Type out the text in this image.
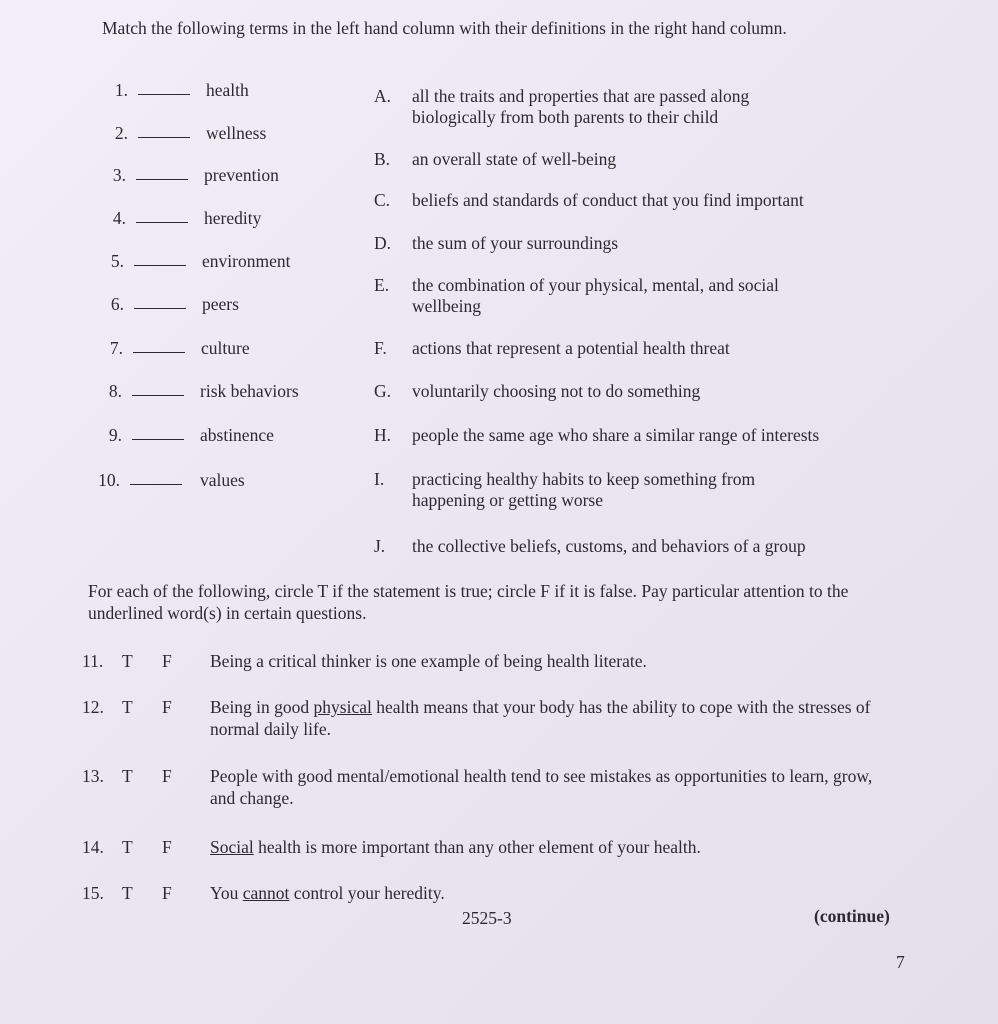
Match the following terms in the left hand column with their definitions in the right hand column.
1.	health
2.	wellness
3.	prevention
4.	heredity
5.	environment
6.	peers
7.	culture
8.	risk behaviors
9.	abstinence
10.	values
A.	all the traits and properties that are passed along biologically from both parents to their child
B.	an overall state of well-being
C.	beliefs and standards of conduct that you find important
D.	the sum of your surroundings
E.	the combination of your physical, mental, and social wellbeing
F.	actions that represent a potential health threat
G.	voluntarily choosing not to do something
H.	people the same age who share a similar range of interests
I.	practicing healthy habits to keep something from happening or getting worse
J.	the collective beliefs, customs, and behaviors of a group
For each of the following, circle T if the statement is true; circle F if it is false. Pay particular attention to the underlined word(s) in certain questions.
11.	T F Being a critical thinker is one example of being health literate.
12.	T F Being in good physical health means that your body has the ability to cope with the stresses of normal daily life.
13.	T F People with good mental/emotional health tend to see mistakes as opportunities to learn, grow, and change.
14.	T F Social health is more important than any other element of your health.
15.	T F You cannot control your heredity.
2525-3	(continue)
7
